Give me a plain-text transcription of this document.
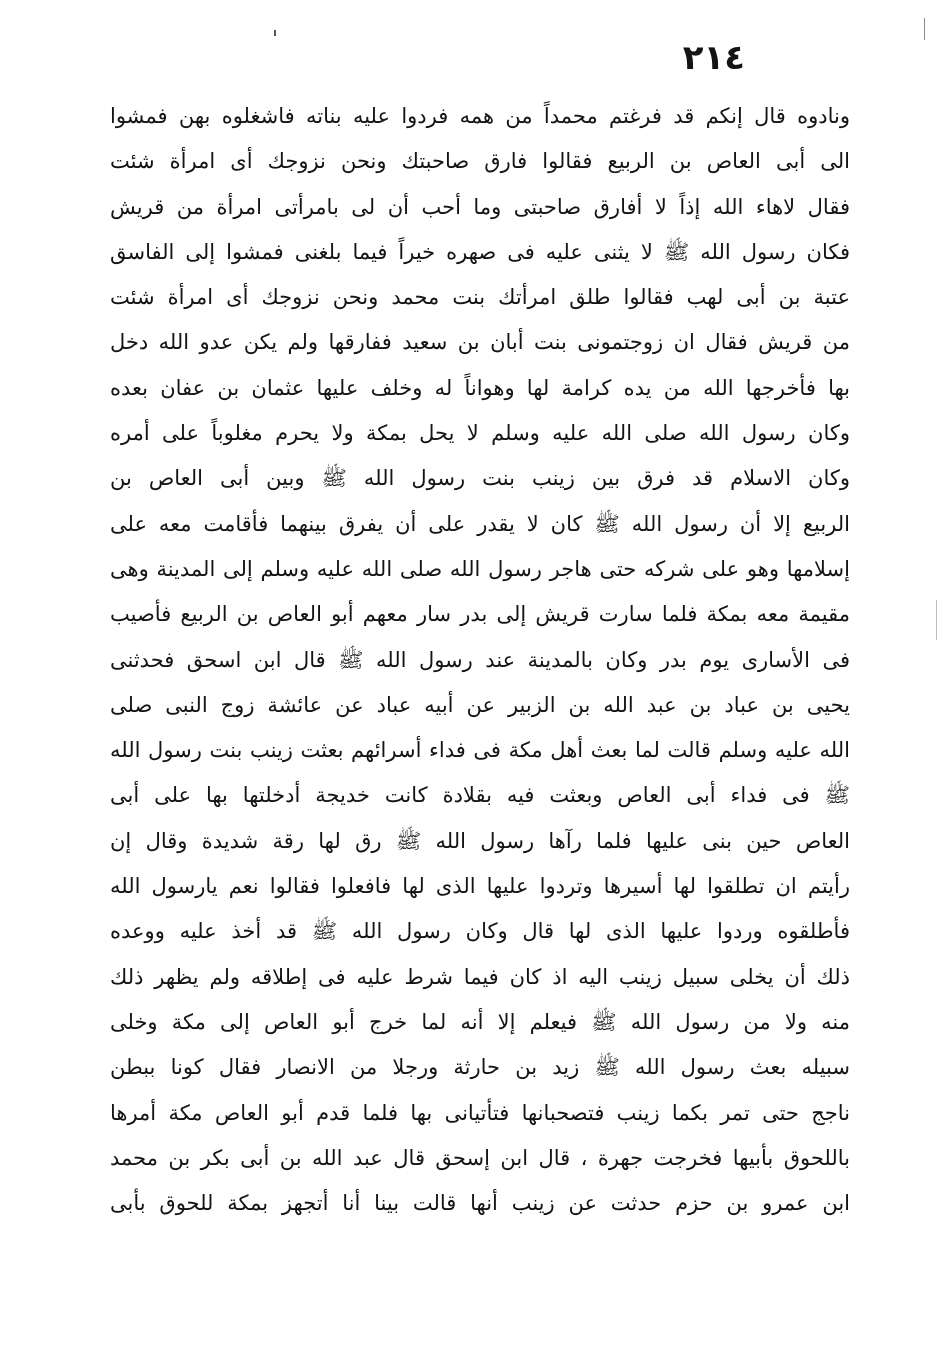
٢١٤
ونادوه قال إنكم قد فرغتم محمداً من همه فردوا عليه بناته فاشغلوه بهن فمشوا
الى أبى العاص بن الربيع فقالوا فارق صاحبتك ونحن نزوجك أى امرأة شئت
فقال لاهاء الله إذاً لا أفارق صاحبتى وما أحب أن لى بامرأتى امرأة من قريش
فكان رسول الله ﷺ لا يثنى عليه فى صهره خيراً فيما بلغنى فمشوا إلى الفاسق
عتبة بن أبى لهب فقالوا طلق امرأتك بنت محمد ونحن نزوجك أى امرأة شئت
من قريش فقال ان زوجتمونى بنت أبان بن سعيد ففارقها ولم يكن عدو الله دخل
بها فأخرجها الله من يده كرامة لها وهواناً له وخلف عليها عثمان بن عفان بعده
وكان رسول الله صلى الله عليه وسلم لا يحل بمكة ولا يحرم مغلوباً على أمره
وكان الاسلام قد فرق بين زينب بنت رسول الله ﷺ وبين أبى العاص بن
الربيع إلا أن رسول الله ﷺ كان لا يقدر على أن يفرق بينهما فأقامت معه على
إسلامها وهو على شركه حتى هاجر رسول الله صلى الله عليه وسلم إلى المدينة وهى
مقيمة معه بمكة فلما سارت قريش إلى بدر سار معهم أبو العاص بن الربيع فأصيب
فى الأسارى يوم بدر وكان بالمدينة عند رسول الله ﷺ قال ابن اسحق فحدثنى
يحيى بن عباد بن عبد الله بن الزبير عن أبيه عباد عن عائشة زوج النبى صلى
الله عليه وسلم قالت لما بعث أهل مكة فى فداء أسرائهم بعثت زينب بنت رسول الله
ﷺ فى فداء أبى العاص وبعثت فيه بقلادة كانت خديجة أدخلتها بها على أبى
العاص حين بنى عليها فلما رآها رسول الله ﷺ رق لها رقة شديدة وقال إن
رأيتم ان تطلقوا لها أسيرها وتردوا عليها الذى لها فافعلوا فقالوا نعم يارسول الله
فأطلقوه وردوا عليها الذى لها قال وكان رسول الله ﷺ قد أخذ عليه ووعده
ذلك أن يخلى سبيل زينب اليه اذ كان فيما شرط عليه فى إطلاقه ولم يظهر ذلك
منه ولا من رسول الله ﷺ فيعلم إلا أنه لما خرج أبو العاص إلى مكة وخلى
سبيله بعث رسول الله ﷺ زيد بن حارثة ورجلا من الانصار فقال كونا ببطن
ناجج حتى تمر بكما زينب فتصحبانها فتأتيانى بها فلما قدم أبو العاص مكة أمرها
باللحوق بأبيها فخرجت جهرة ، قال ابن إسحق قال عبد الله بن أبى بكر بن محمد
ابن عمرو بن حزم حدثت عن زينب أنها قالت بينا أنا أتجهز بمكة للحوق بأبى
